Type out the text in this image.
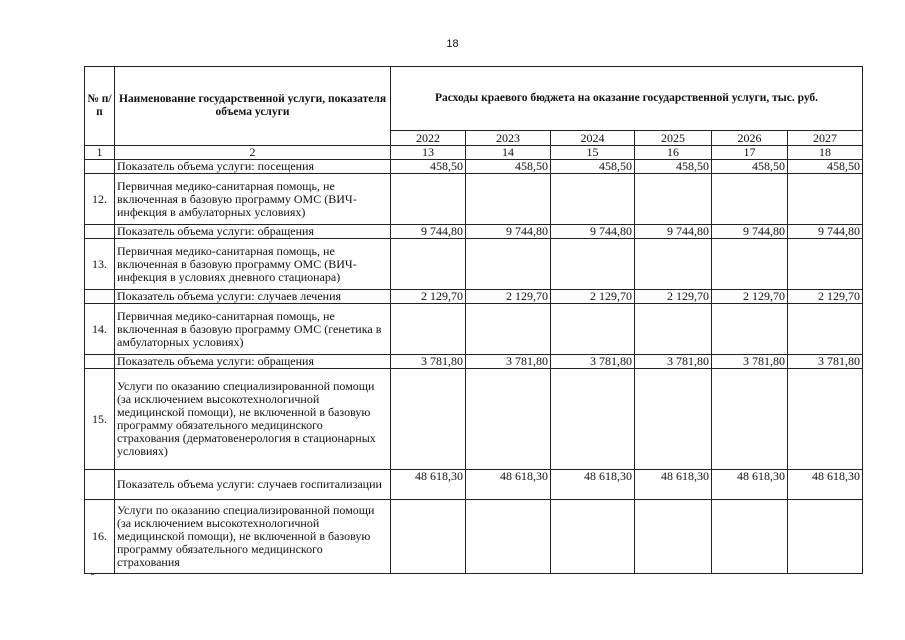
18
№ п/п	Наименование государственной услуги, показателя объема услуги	Расходы краевого бюджета на оказание государственной услуги, тыс. руб.					
		2022	2023	2024	2025	2026	2027
1	2	13	14	15	16	17	18
	Показатель объема услуги: посещения	458,50	458,50	458,50	458,50	458,50	458,50
12.	Первичная медико-санитарная помощь, не включенная в базовую программу ОМС (ВИЧ-инфекция в амбулаторных условиях)						
	Показатель объема услуги: обращения	9 744,80	9 744,80	9 744,80	9 744,80	9 744,80	9 744,80
13.	Первичная медико-санитарная помощь, не включенная в базовую программу ОМС (ВИЧ-инфекция в условиях дневного стационара)						
	Показатель объема услуги: случаев лечения	2 129,70	2 129,70	2 129,70	2 129,70	2 129,70	2 129,70
14.	Первичная медико-санитарная помощь, не включенная в базовую программу ОМС (генетика в амбулаторных условиях)						
	Показатель объема услуги: обращения	3 781,80	3 781,80	3 781,80	3 781,80	3 781,80	3 781,80
15.	Услуги по оказанию специализированной помощи (за исключением высокотехнологичной медицинской помощи), не включенной в базовую программу обязательного медицинского страхования (дерматовенерология в стационарных условиях)						
	Показатель объема услуги: случаев госпитализации	48 618,30	48 618,30	48 618,30	48 618,30	48 618,30	48 618,30
16.	Услуги по оказанию специализированной помощи (за исключением высокотехнологичной медицинской помощи), не включенной в базовую программу обязательного медицинского страхования						
